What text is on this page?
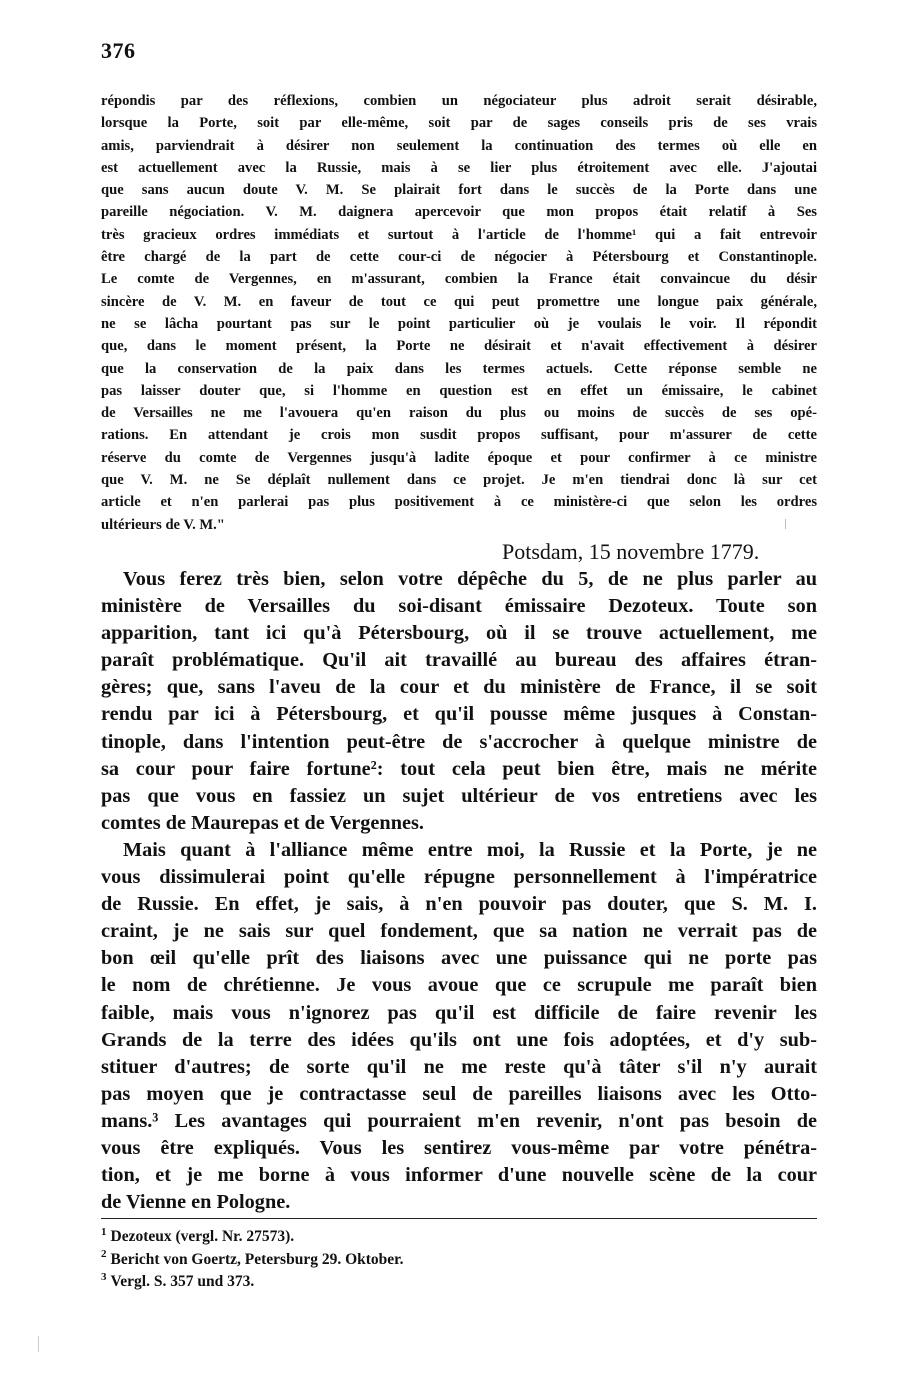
376
répondis par des réflexions, combien un négociateur plus adroit serait désirable,
lorsque la Porte, soit par elle-même, soit par de sages conseils pris de ses vrais
amis, parviendrait à désirer non seulement la continuation des termes où elle en
est actuellement avec la Russie, mais à se lier plus étroitement avec elle. J'ajoutai
que sans aucun doute V. M. Se plairait fort dans le succès de la Porte dans une
pareille négociation. V. M. daignera apercevoir que mon propos était relatif à Ses
très gracieux ordres immédiats et surtout à l'article de l'homme¹ qui a fait entrevoir
être chargé de la part de cette cour-ci de négocier à Pétersbourg et Constantinople.
Le comte de Vergennes, en m'assurant, combien la France était convaincue du désir
sincère de V. M. en faveur de tout ce qui peut promettre une longue paix générale,
ne se lâcha pourtant pas sur le point particulier où je voulais le voir. Il répondit
que, dans le moment présent, la Porte ne désirait et n'avait effectivement à désirer
que la conservation de la paix dans les termes actuels. Cette réponse semble ne
pas laisser douter que, si l'homme en question est en effet un émissaire, le cabinet
de Versailles ne me l'avouera qu'en raison du plus ou moins de succès de ses opé-
rations. En attendant je crois mon susdit propos suffisant, pour m'assurer de cette
réserve du comte de Vergennes jusqu'à ladite époque et pour confirmer à ce ministre
que V. M. ne Se déplaît nullement dans ce projet. Je m'en tiendrai donc là sur cet
article et n'en parlerai pas plus positivement à ce ministère-ci que selon les ordres
ultérieurs de V. M."
Potsdam, 15 novembre 1779.
Vous ferez très bien, selon votre dépêche du 5, de ne plus parler au
ministère de Versailles du soi-disant émissaire Dezoteux. Toute son
apparition, tant ici qu'à Pétersbourg, où il se trouve actuellement, me
paraît problématique. Qu'il ait travaillé au bureau des affaires étran-
gères; que, sans l'aveu de la cour et du ministère de France, il se soit
rendu par ici à Pétersbourg, et qu'il pousse même jusques à Constan-
tinople, dans l'intention peut-être de s'accrocher à quelque ministre de
sa cour pour faire fortune²: tout cela peut bien être, mais ne mérite
pas que vous en fassiez un sujet ultérieur de vos entretiens avec les
comtes de Maurepas et de Vergennes.
Mais quant à l'alliance même entre moi, la Russie et la Porte, je ne
vous dissimulerai point qu'elle répugne personnellement à l'impératrice
de Russie. En effet, je sais, à n'en pouvoir pas douter, que S. M. I.
craint, je ne sais sur quel fondement, que sa nation ne verrait pas de
bon œil qu'elle prît des liaisons avec une puissance qui ne porte pas
le nom de chrétienne. Je vous avoue que ce scrupule me paraît bien
faible, mais vous n'ignorez pas qu'il est difficile de faire revenir les
Grands de la terre des idées qu'ils ont une fois adoptées, et d'y sub-
stituer d'autres; de sorte qu'il ne me reste qu'à tâter s'il n'y aurait
pas moyen que je contractasse seul de pareilles liaisons avec les Otto-
mans.³ Les avantages qui pourraient m'en revenir, n'ont pas besoin de
vous être expliqués. Vous les sentirez vous-même par votre pénétra-
tion, et je me borne à vous informer d'une nouvelle scène de la cour
de Vienne en Pologne.
$^1$ Dezoteux (vergl. Nr. 27573).
$^2$ Bericht von Goertz, Petersburg 29. Oktober.
$^3$ Vergl. S. 357 und 373.
